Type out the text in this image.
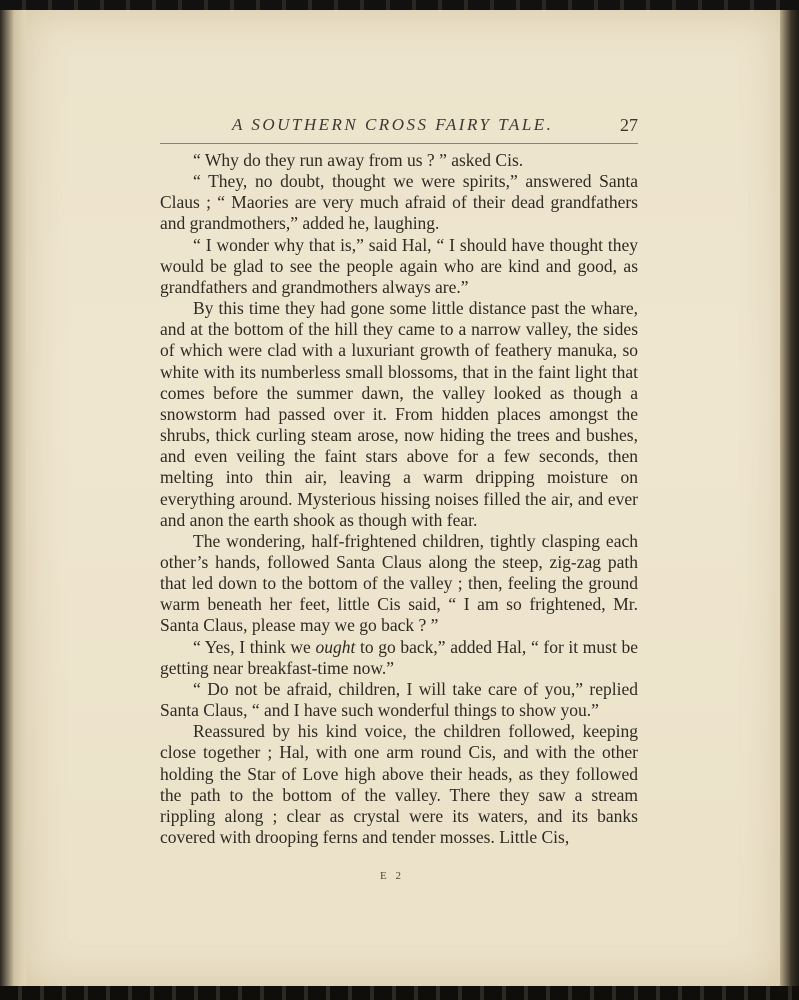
A SOUTHERN CROSS FAIRY TALE.	27

“ Why do they run away from us ? ” asked Cis.

“ They, no doubt, thought we were spirits,” answered Santa Claus ; “ Maories are very much afraid of their dead grandfathers and grandmothers,” added he, laughing.

“ I wonder why that is,” said Hal, “ I should have thought they would be glad to see the people again who are kind and good, as grandfathers and grandmothers always are.”

By this time they had gone some little distance past the whare, and at the bottom of the hill they came to a narrow valley, the sides of which were clad with a luxuriant growth of feathery manuka, so white with its numberless small blossoms, that in the faint light that comes before the summer dawn, the valley looked as though a snowstorm had passed over it. From hidden places amongst the shrubs, thick curling steam arose, now hiding the trees and bushes, and even veiling the faint stars above for a few seconds, then melting into thin air, leaving a warm dripping moisture on everything around. Mysterious hissing noises filled the air, and ever and anon the earth shook as though with fear.

The wondering, half-frightened children, tightly clasping each other’s hands, followed Santa Claus along the steep, zig-zag path that led down to the bottom of the valley ; then, feeling the ground warm beneath her feet, little Cis said, “ I am so frightened, Mr. Santa Claus, please may we go back ? ”

“ Yes, I think we ought to go back,” added Hal, “ for it must be getting near breakfast-time now.”

“ Do not be afraid, children, I will take care of you,” replied Santa Claus, “ and I have such wonderful things to show you.”

Reassured by his kind voice, the children followed, keeping close together ; Hal, with one arm round Cis, and with the other holding the Star of Love high above their heads, as they followed the path to the bottom of the valley. There they saw a stream rippling along ; clear as crystal were its waters, and its banks covered with drooping ferns and tender mosses. Little Cis,

E 2
